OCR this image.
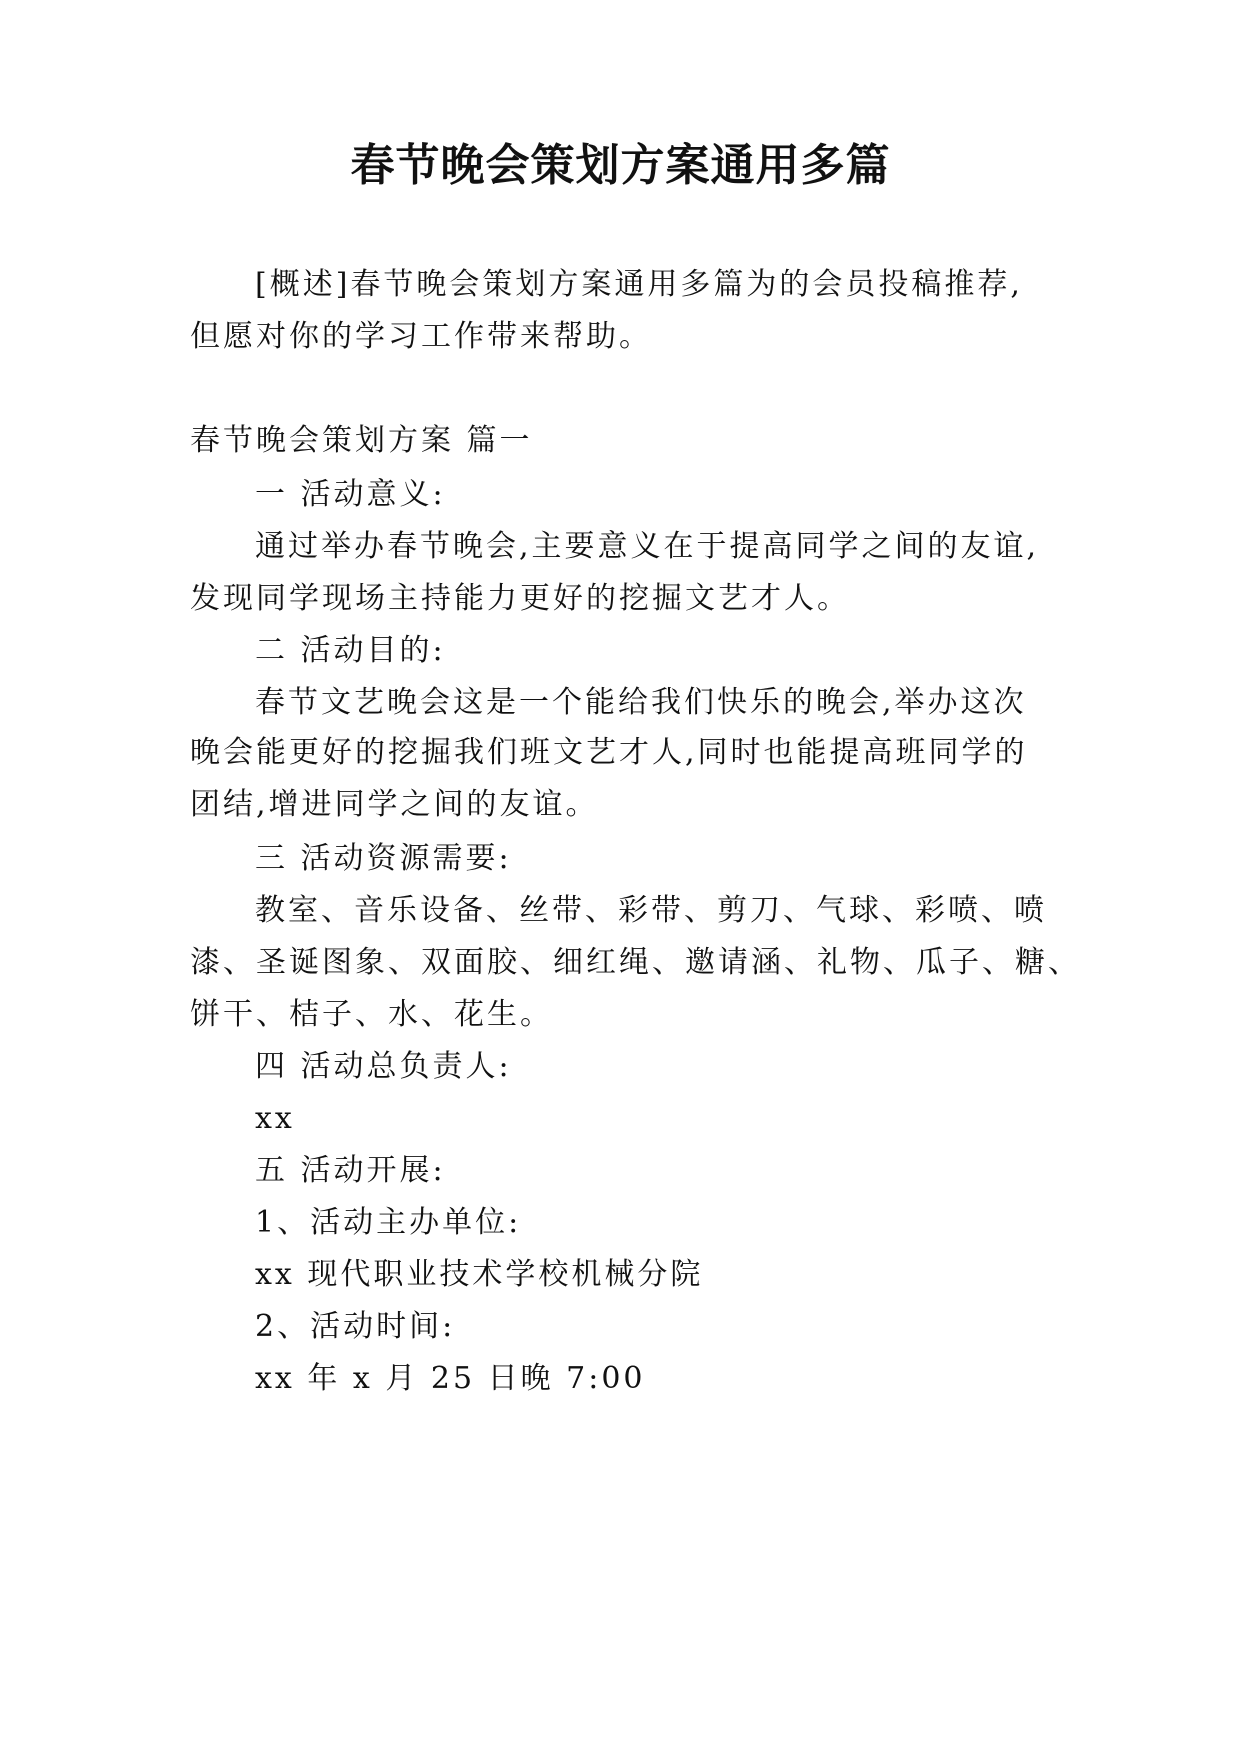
春节晚会策划方案通用多篇
[概述]春节晚会策划方案通用多篇为的会员投稿推荐,
但愿对你的学习工作带来帮助。
春节晚会策划方案 篇一
一 活动意义:
通过举办春节晚会,主要意义在于提高同学之间的友谊,
发现同学现场主持能力更好的挖掘文艺才人。
二 活动目的:
春节文艺晚会这是一个能给我们快乐的晚会,举办这次
晚会能更好的挖掘我们班文艺才人,同时也能提高班同学的
团结,增进同学之间的友谊。
三 活动资源需要:
教室、音乐设备、丝带、彩带、剪刀、气球、彩喷、喷
漆、圣诞图象、双面胶、细红绳、邀请涵、礼物、瓜子、糖、
饼干、桔子、水、花生。
四 活动总负责人:
xx
五 活动开展:
1、活动主办单位:
xx 现代职业技术学校机械分院
2、活动时间:
xx 年 x 月 25 日晚 7:00
